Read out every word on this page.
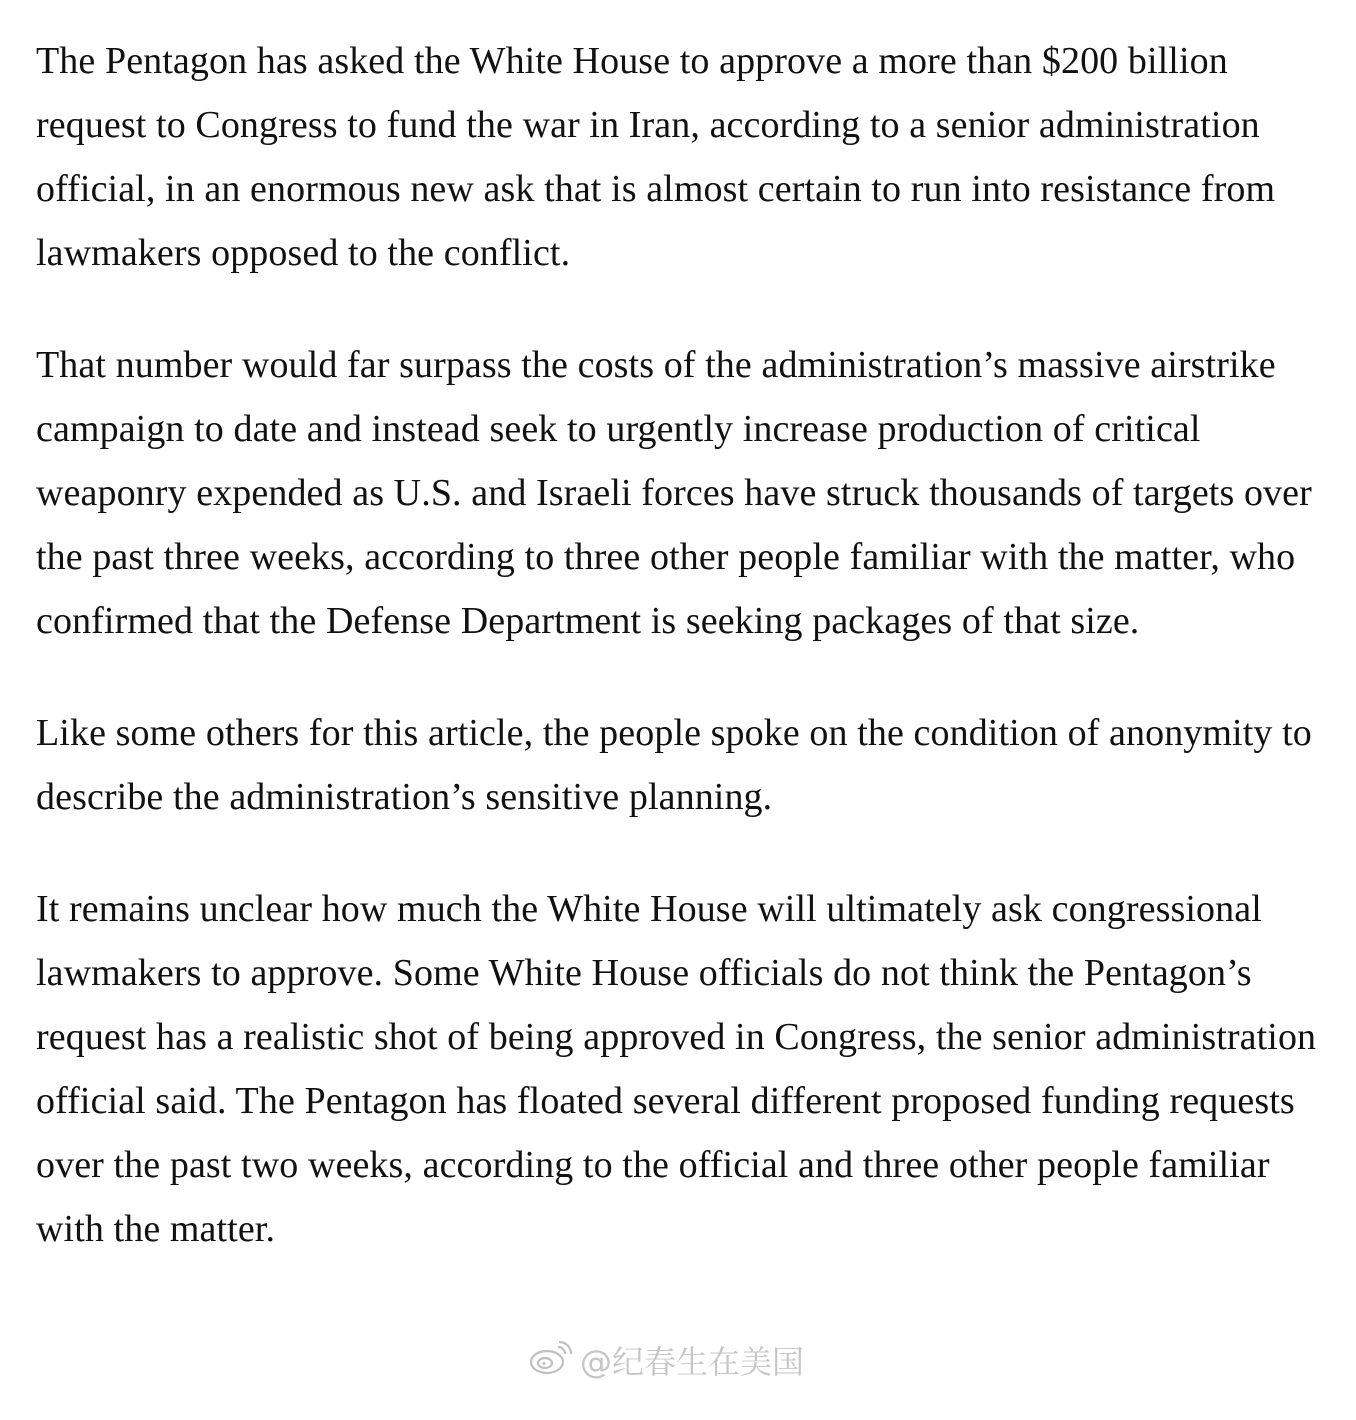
The Pentagon has asked the White House to approve a more than $200 billion request to Congress to fund the war in Iran, according to a senior administration official, in an enormous new ask that is almost certain to run into resistance from lawmakers opposed to the conflict.

That number would far surpass the costs of the administration’s massive airstrike campaign to date and instead seek to urgently increase production of critical weaponry expended as U.S. and Israeli forces have struck thousands of targets over the past three weeks, according to three other people familiar with the matter, who confirmed that the Defense Department is seeking packages of that size.

Like some others for this article, the people spoke on the condition of anonymity to describe the administration’s sensitive planning.

It remains unclear how much the White House will ultimately ask congressional lawmakers to approve. Some White House officials do not think the Pentagon’s request has a realistic shot of being approved in Congress, the senior administration official said. The Pentagon has floated several different proposed funding requests over the past two weeks, according to the official and three other people familiar with the matter.

@纪春生在美国
